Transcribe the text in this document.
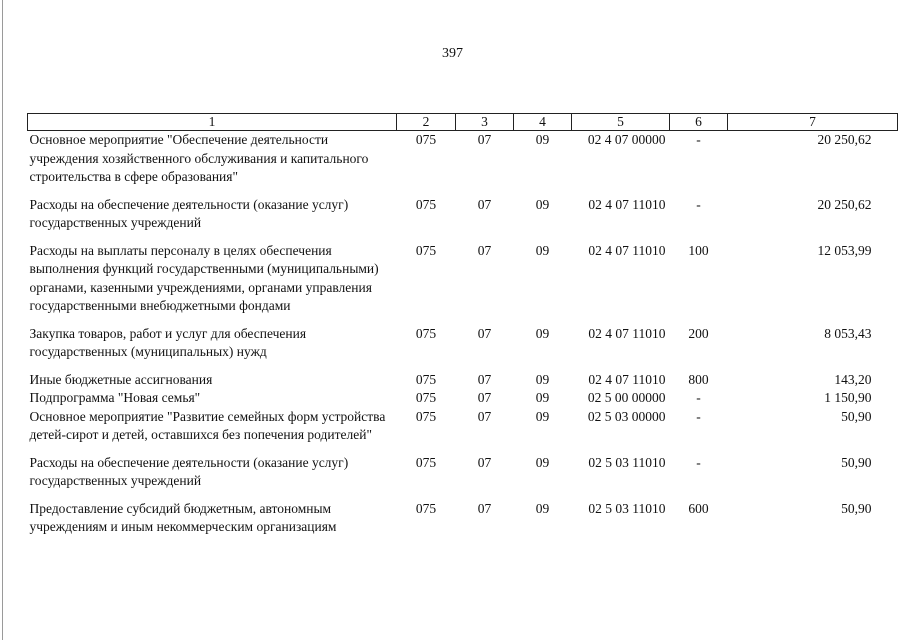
397
1	2	3	4	5	6	7
Основное мероприятие "Обеспечение деятельности учреждения хозяйственного обслуживания и капитального строительства в сфере образования"	075	07	09	02 4 07 00000	-	20 250,62
Расходы на обеспечение деятельности (оказание услуг) государственных учреждений	075	07	09	02 4 07 11010	-	20 250,62
Расходы на выплаты персоналу в целях обеспечения выполнения функций государственными (муниципальными) органами, казенными учреждениями, органами управления государственными внебюджетными фондами	075	07	09	02 4 07 11010	100	12 053,99
Закупка товаров, работ и услуг для обеспечения государственных (муниципальных) нужд	075	07	09	02 4 07 11010	200	8 053,43
Иные бюджетные ассигнования	075	07	09	02 4 07 11010	800	143,20
Подпрограмма "Новая семья"	075	07	09	02 5 00 00000	-	1 150,90
Основное мероприятие "Развитие семейных форм устройства детей-сирот и детей, оставшихся без попечения родителей"	075	07	09	02 5 03 00000	-	50,90
Расходы на обеспечение деятельности (оказание услуг) государственных учреждений	075	07	09	02 5 03 11010	-	50,90
Предоставление субсидий бюджетным, автономным учреждениям и иным некоммерческим организациям	075	07	09	02 5 03 11010	600	50,90
